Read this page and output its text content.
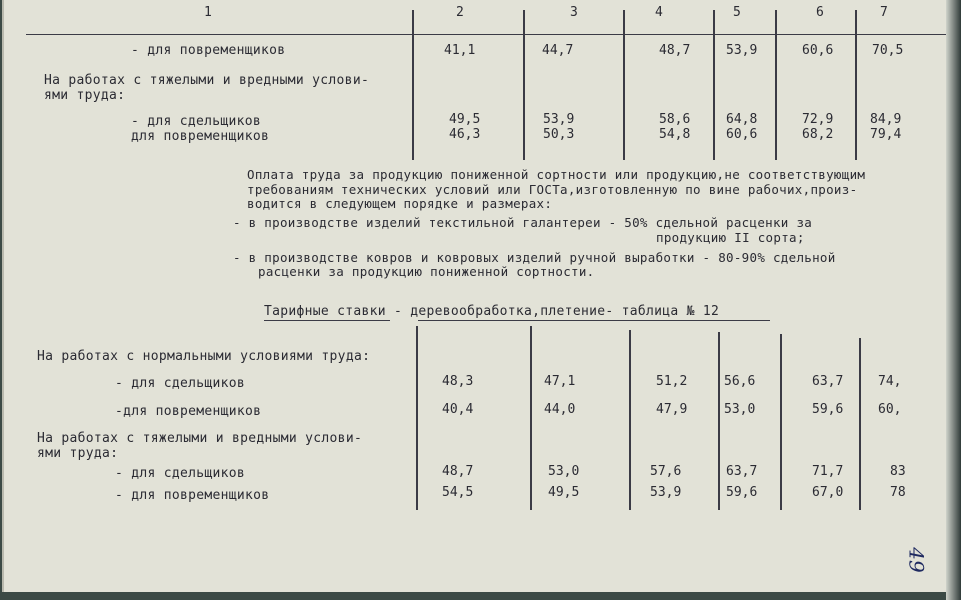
1	2	3	4	5	6	7
- для повременщиков	41,1	44,7	48,7	53,9	60,6	70,5
На работах с тяжелыми и вредными услови-
ями труда:
- для сдельщиков	49,5	53,9	58,6	64,8	72,9	84,9
для повременщиков	46,3	50,3	54,8	60,6	68,2	79,4
Оплата труда за продукцию пониженной сортности или продукцию,не соответствующим
требованиям технических условий или ГОСТа,изготовленную по вине рабочих,произ-
водится в следующем порядке и размерах:
- в производстве изделий текстильной галантереи - 50% сдельной расценки за
продукцию II сорта;
- в производстве ковров и ковровых изделий ручной выработки - 80-90% сдельной
расценки за продукцию пониженной сортности.
Тарифные ставки - деревообработка,плетение- таблица № 12
На работах с нормальными условиями труда:
- для сдельщиков	48,3	47,1	51,2	56,6	63,7	74,
-для повременщиков	40,4	44,0	47,9	53,0	59,6	60,
На работах с тяжелыми и вредными услови-
ями труда:
- для сдельщиков	48,7	53,0	57,6	63,7	71,7	83
- для повременщиков	54,5	49,5	53,9	59,6	67,0	78
49
